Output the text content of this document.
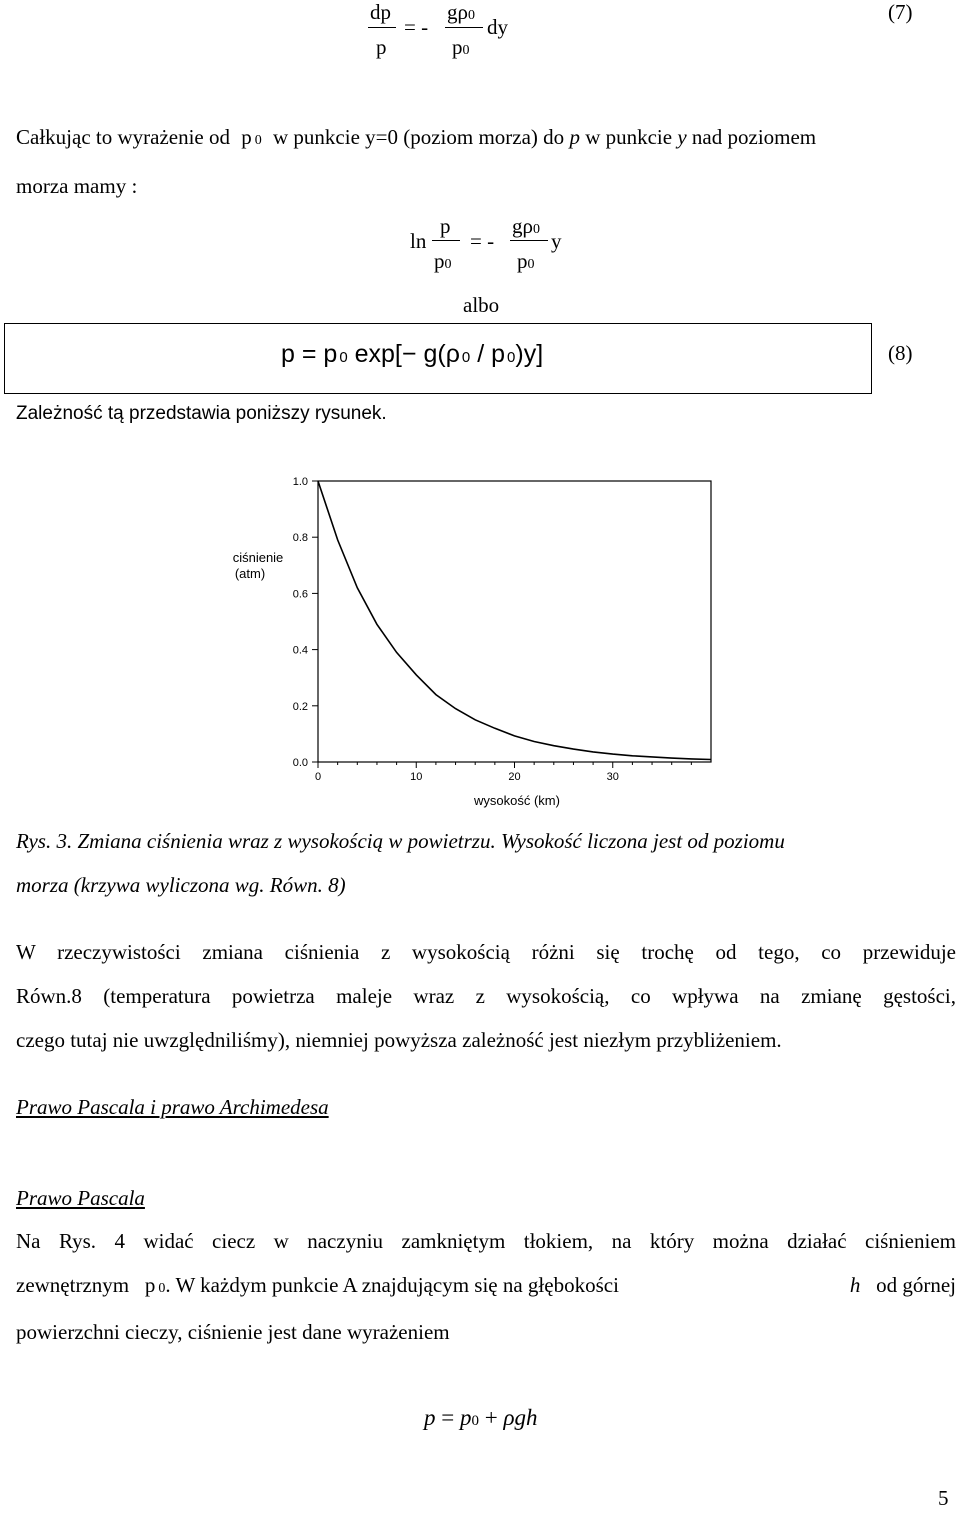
dp
p
= -
gρ0
p0
dy
(7)
Całkując to wyrażenie od p 0 w punkcie y=0 (poziom morza) do p w punkcie y nad poziomem
morza mamy :
ln
p
p0
= -
gρ0
p0
y
albo
p = p 0 exp[− g(ρ 0 / p 0)y]	(8)
Zależność tą przedstawia poniższy rysunek.
1.0
0.8
0.6
0.4
0.2
0.0
0	10	20	30
ciśnienie
(atm)
wysokość (km)
Rys. 3. Zmiana ciśnienia wraz z wysokością w powietrzu. Wysokość liczona jest od poziomu
morza (krzywa wyliczona wg. Równ. 8)
W rzeczywistości zmiana ciśnienia z wysokością różni się trochę od tego, co przewiduje
Równ.8 (temperatura powietrza maleje wraz z wysokością, co wpływa na zmianę gęstości,
czego tutaj nie uwzględniliśmy), niemniej powyższa zależność jest niezłym przybliżeniem.
Prawo Pascala i prawo Archimedesa
Prawo Pascala
Na Rys. 4 widać ciecz w naczyniu zamkniętym tłokiem, na który można działać ciśnieniem
zewnętrznym p 0. W każdym punkcie A znajdującym się na głębokości	h od górnej
powierzchni cieczy, ciśnienie jest dane wyrażeniem
p = p0 + ρgh
5
